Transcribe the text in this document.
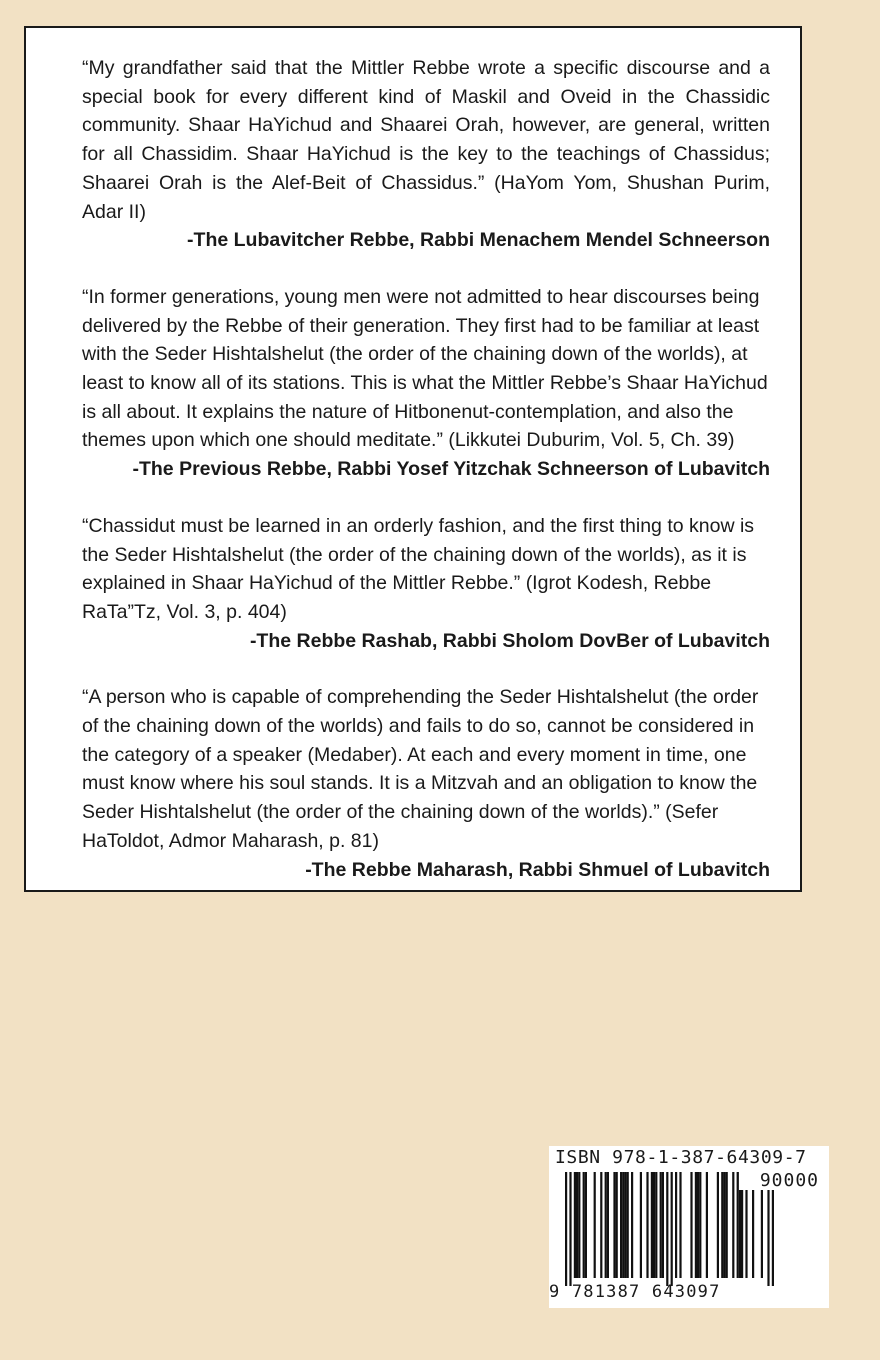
“My grandfather said that the Mittler Rebbe wrote a specific discourse and a special book for every different kind of Maskil and Oveid in the Chassidic community. Shaar HaYichud and Shaarei Orah, however, are general, written for all Chassidim. Shaar HaYichud is the key to the teachings of Chassidus; Shaarei Orah is the Alef-Beit of Chassidus.” (HaYom Yom, Shushan Purim, Adar II)

-The Lubavitcher Rebbe, Rabbi Menachem Mendel Schneerson

“In former generations, young men were not admitted to hear discourses being delivered by the Rebbe of their generation. They first had to be familiar at least with the Seder Hishtalshelut (the order of the chaining down of the worlds), at least to know all of its stations. This is what the Mittler Rebbe’s Shaar HaYichud is all about. It explains the nature of Hitbonenut-contemplation, and also the themes upon which one should meditate.” (Likkutei Duburim, Vol. 5, Ch. 39)

-The Previous Rebbe, Rabbi Yosef Yitzchak Schneerson of Lubavitch

“Chassidut must be learned in an orderly fashion, and the first thing to know is the Seder Hishtalshelut (the order of the chaining down of the worlds), as it is explained in Shaar HaYichud of the Mittler Rebbe.” (Igrot Kodesh, Rebbe RaTa”Tz, Vol. 3, p. 404)

-The Rebbe Rashab, Rabbi Sholom DovBer of Lubavitch

“A person who is capable of comprehending the Seder Hishtalshelut (the order of the chaining down of the worlds) and fails to do so, cannot be considered in the category of a speaker (Medaber). At each and every moment in time, one must know where his soul stands. It is a Mitzvah and an obligation to know the Seder Hishtalshelut (the order of the chaining down of the worlds).” (Sefer HaToldot, Admor Maharash, p. 81)

-The Rebbe Maharash, Rabbi Shmuel of Lubavitch

ISBN 978-1-387-64309-7
90000
9 781387 643097
